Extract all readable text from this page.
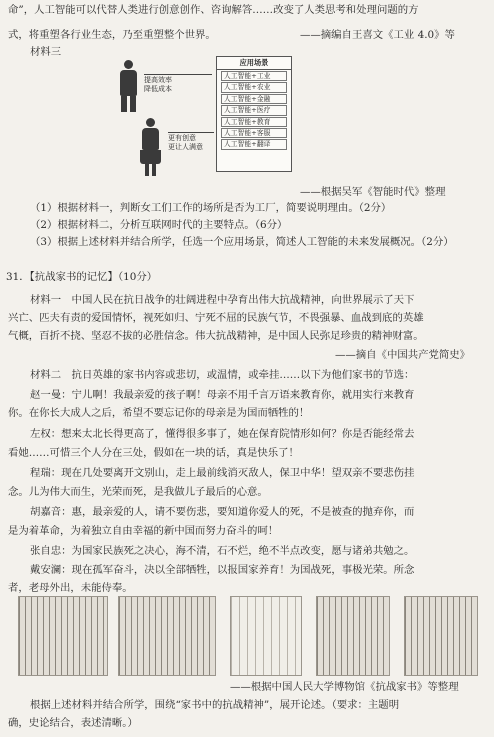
命”，人工智能可以代替人类进行创意创作、咨询解答……改变了人类思考和处理问题的方
式，将重塑各行业生态，乃至重塑整个世界。	——摘编自王喜文《工业 4.0》等
材料三
提高效率
降低成本
更有创意
更让人满意
应用场景
人工智能+工业
人工智能+农业
人工智能+金融
人工智能+医疗
人工智能+教育
人工智能+客服
人工智能+翻译
——根据吴军《智能时代》整理
（1）根据材料一，判断女工们工作的场所是否为工厂，简要说明理由。（2分）
（2）根据材料二，分析互联网时代的主要特点。（6分）
（3）根据上述材料并结合所学，任选一个应用场景，简述人工智能的未来发展概况。（2分）
31．【抗战家书的记忆】（10分）
材料一　中国人民在抗日战争的壮阔进程中孕育出伟大抗战精神，向世界展示了天下
兴亡、匹夫有责的爱国情怀，视死如归、宁死不屈的民族气节，不畏强暴、血战到底的英雄
气概，百折不挠、坚忍不拔的必胜信念。伟大抗战精神，是中国人民弥足珍贵的精神财富。
——摘自《中国共产党简史》
材料二　抗日英雄的家书内容或悲切，或温情，或牵挂……以下为他们家书的节选：
赵一曼：宁儿啊！我最亲爱的孩子啊！母亲不用千言万语来教育你，就用实行来教育
你。在你长大成人之后，希望不要忘记你的母亲是为国而牺牲的！
左权：想来太北长得更高了，懂得很多事了，她在保育院情形如何？你是否能经常去
看她……可惜三个人分在三处，假如在一块的话，真是快乐了！
程瑞：现在几处要离开文别山，走上最前线消灭敌人，保卫中华！望双亲不要悲伤挂
念。儿为伟大而生，光荣而死，是我做儿子最后的心意。
胡嘉音：惠，最亲爱的人，请不要伤悲，要知道你爱人的死，不是被查的抛弃你，而
是为着革命，为着独立自由幸福的新中国而努力奋斗的呵！
张自忠：为国家民族死之决心，海不清，石不烂，绝不半点改变，愿与诸弟共勉之。
戴安澜：现在孤军奋斗，决以全部牺牲，以报国家养育！为国战死，事极光荣。所念
者，老母外出，未能侍奉。
——根据中国人民大学博物馆《抗战家书》等整理
根据上述材料并结合所学，围绕“家书中的抗战精神”，展开论述。（要求：主题明
确，史论结合，表述清晰。）
